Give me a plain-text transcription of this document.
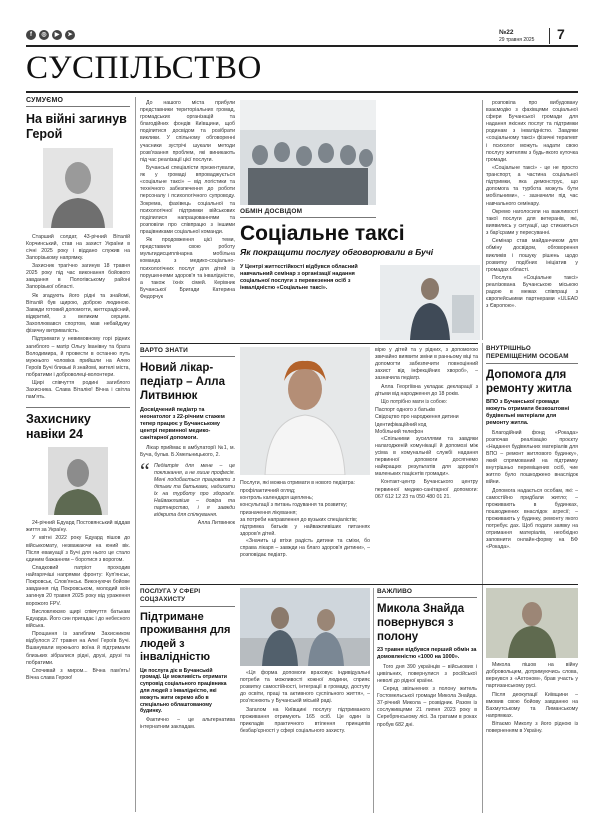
f	◎	▶	➤	№22
29 травня 2025 7
СУСПІЛЬСТВО
СУМУЄМО
На війні загинув Герой

Старший солдат, 43-річний Віталій Корчинський, став на захист України в січні 2025 року і віддано служив на Запорізькому напрямку.

Захисник трагічно загинув 18 травня 2025 року під час виконання бойового завдання в Пологівському районі Запорізької області.

Як згадують його рідні та знайомі, Віталій був щирою, доброю людиною. Завжди готовий допомогти, життєрадісний, відкритий, з великим серцем. Захоплювався спортом, мав небайдужу фізичну витривалість.

Підтримати у невимовному горі рідних загиблого – матір Ольгу Іванівну та брата Володимира, й провести в останню путь мужнього чоловіка прийшли на Алею Героїв Бучі близькі й знайомі, жителі міста, побратими і доброволеці-волонтери.

Щирі співчуття родині загиблого Захисника. Слава Віталію! Вічна і світла пам'ять.

Захиснику навіки 24

24-річний Едуард Постовянський віддав життя за Україну.

У квітні 2022 року Едуард пішов до військкомату, незважаючи на юний вік. Після евакуації з Бучі для нього це стало єдиним бажанням – боротися з ворогом.

Спадковий патріот проходив найгарячіші напрямки фронту: Куп'янськ, Покровськ, Слов'янськ. Виконуючи бойове завдання під Покровськом, молодий воїн загинув 20 травня 2025 року від ураження ворожого FPV.

Висловлюємо щирі співчуття батькам Едуарда. Його син пригадає і до небесного війська.

Прощання із загиблим Захисником відбулося 27 травня на Алеї Героїв Бучі. Вшанували мужнього воїна й підтримали близьких зібралися рідні, друзі, друзі та побратими.

Спочивай з миром... Вічна пам'ять! Вічна слава Герою!

До нашого міста прибули представники територіальних громад, громадських організацій та благодійних фондів Київщини, щоб поділитися досвідом та розібрати виклики. У спільному обговоренні учасники зустрічі шукали методи розв'язання проблем, які виникають під час реалізації цієї послуги.

Бучанські спеціалісти презентували, як у громаді впроваджується «соціальне таксі» – від логістики та технічного забезпечення до роботи персоналу і психологічного супроводу. Зокрема, фахівець соціальної та психологічної підтримки військових поділилися напрацюваннями та розповіли про співпрацю з іншими працівниками соціальної команди.

Як продовження цієї теми, представили свою роботу мультидисциплінарна мобільна команда з медико-соціально-психологічних послуг для дітей із порушеннями здоров'я та інвалідністю, а також їхніх сімей. Керівник Бучанської Бригади Катерина Федорчук

ОБМІН ДОСВІДОМ
Соціальне таксі
Як покращити послугу обговорювали в Бучі
У Центрі життєстійкості відбувся обласний навчальний семінар з організації надання соціальної послуги з перевезення осіб з інвалідністю «Соціальне таксі».

розповіла про вибудовану взаємодію з фахівцями соціальної сфери Бучанської громади для надання якісних послуг та підтримки родинам з інвалідністю. Завдяки «соціальному таксі» фізичні терапевт і психолог можуть надати свою послугу жителям з будь-якого куточка громади.

«Соціальне таксі» - це не просто транспорт, а частина соціальної підтримки, яка демонструє, що допомога та турбота можуть бути мобільними», - зазначили під час навчального семінару.

Окремо наголосили на важливості такої послуги для ветеранів, які, виявились у ситуації, що стикаються з бар'єрами у пересуванні.

Семінар став майданчиком для обміну досвідом, обговорення викликів і пошуку рішень щодо розвитку подібних ініціатив у громадах області.

Послуга «Соціальне таксі» реалізована Бучанською міською радою в межах співпраці з європейськими партнерами «ULEAD з Європою».

ВАРТО ЗНАТИ
Новий лікар-педіатр – Алла Литвинюк
Досвідчений педіатр та неонатолог з 22-річним стажем тепер працює у Бучанському центрі первинної медико-санітарної допомоги.

Лікар приймає в амбулаторії №1, м. Буча, бульв. Б.Хмельницького, 2.

“ Педіатрія для мене – це покликання, а не лише професія. Мені подобається працювати з дітьми та батьками, надихати їх на турботу про здоров'я. Найважливіше – довіра та партнерство, і я завжди відкрита для спілкування.
Алла Литвинюк

Послуги, які можна отримати в нового педіатра:

профілактичний огляд;
контроль календаря щеплень;
консультації з питань годування та розвитку;
призначення лікування;
за потреби направлення до вузьких спеціалістів;
підтримка батьків у найважливіших питаннях здоров'я дітей.

«Значить ці втіхи радість дитини та сміхи, бо справа лікаря – завжди на благо здоров'я дитини», – розповідає педіатр.

вірю у дітей та у рідних, з допомогою звичайно виявити зміни в ранньому віці та допомогти забезпечити повноцінний захист від інфекційних хвороб», – зазначила педіатр.

Алла Георгіївна укладає декларації з дітьми від народження до 18 років.

Що потрібно мати із собою:

Паспорт одного з батьків
Свідоцтво про народження дитини
Ідентифікаційний код
Мобільний телефон

«Спільними зусиллями та завдяки налагодженій комунікації й допомозі між усіма в комунальній службі надання первинної допомоги досягнемо найкращих результатів для здоров'я маленьких пацієнтів громади».

Контакт-центр Бучанського центру первинної медико-санітарної допомоги: 067 612 12 23 та 050 480 01 21.

ВНУТРІШНЬО ПЕРЕМІЩЕНИМ ОСОБАМ
Допомога для ремонту житла
ВПО з Бучанської громади можуть отримати безкоштовні будівельні матеріали для ремонту житла.

Благодійний фонд «Рокада» розпочав реалізацію проєкту «Надання будівельних матеріалів для ВПО – ремонт житлового будинку», який спрямований на підтримку внутрішньо переміщених осіб, чие житло було пошкоджено внаслідок війни.

Допомога надається особам, які: – самостійно придбали житло; – проживають в будинках, пошкоджених внаслідок агресії; – проживають у будинку, ремонту якого потребує дах. Щоб подати заявку на отримання матеріалів, необхідно заповнити онлайн-форму на БФ «Рокада».

ПОСЛУГА У СФЕРІ СОЦЗАХИСТУ
Підтримане проживання для людей з інвалідністю
Ця послуга діє в Бучанській громаді. Це можливість отримати супровід соціального працівника для людей з інвалідністю, які можуть жити окремо або в спеціально облаштованому будинку.

Фактично – це альтернатива інтернатним закладам.

«Ця форма допомоги враховує індивідуальні потреби та можливості кожної людини, сприяє розвитку самостійності, інтеграції в громаду, доступу до освіти, праці та активного суспільного життя», – роз'яснюють у Бучанській міській раді.

Загалом на Київщині послугу підтриманого проживання отримують 165 осіб. Це один із прикладів практичного втілення принципів безбар'єрності у сфері соціального захисту.

ВАЖЛИВО
Микола Знайда повернувся з полону
23 травня відбувся перший обмін за домовленістю «1000 на 1000».

Того дня 390 українців – військових і цивільних, повернулися з російської неволі до рідної країни.

Серед звільнених з полону житель Гостомельської громади Микола Знайда. 37-річний Микола – розвідник. Разом із сослуживцями 21 липня 2023 року в Серебрянському лісі. За гратами в роках пробув 682 дні.

Микола пішов на війну добровольцем, дотримуючись слова, вернувся з «Ахтоном», брав участь у партизанському русі.

Після деокупації Київщини – вмовив свою бойову завданню на Бахмутському та Лиманському напрямках.

Вітаємо Миколу з його рідною із поверненням в Україну.
